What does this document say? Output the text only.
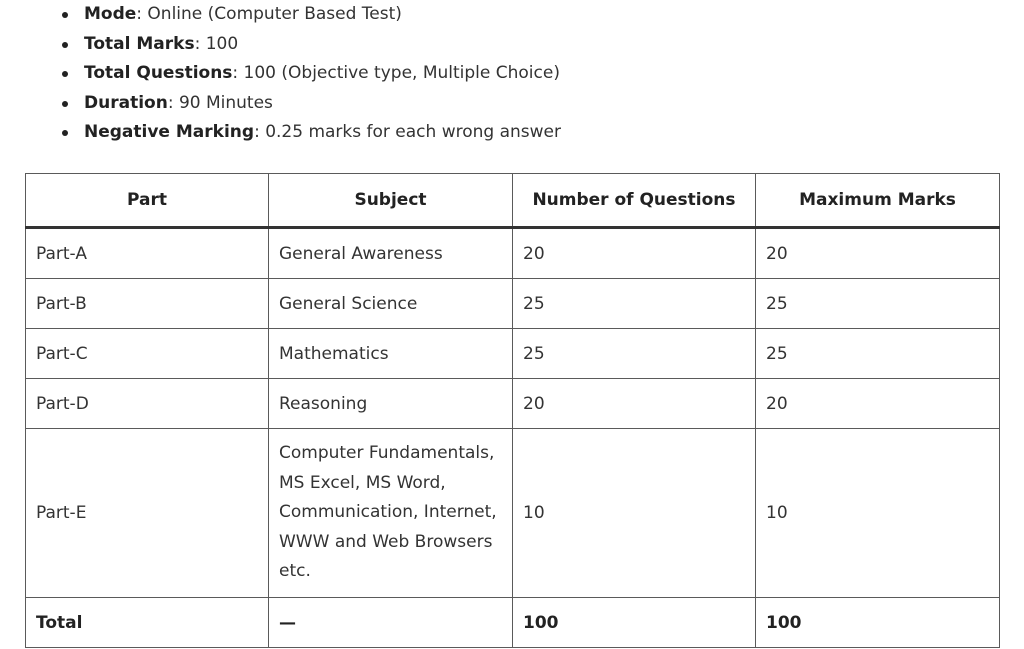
Mode: Online (Computer Based Test)
Total Marks: 100
Total Questions: 100 (Objective type, Multiple Choice)
Duration: 90 Minutes
Negative Marking: 0.25 marks for each wrong answer
Part	Subject	Number of Questions	Maximum Marks
Part-A	General Awareness	20	20
Part-B	General Science	25	25
Part-C	Mathematics	25	25
Part-D	Reasoning	20	20
Part-E	Computer Fundamentals,
MS Excel, MS Word,
Communication, Internet,
WWW and Web Browsers
etc.	10	10
Total	—	100	100
